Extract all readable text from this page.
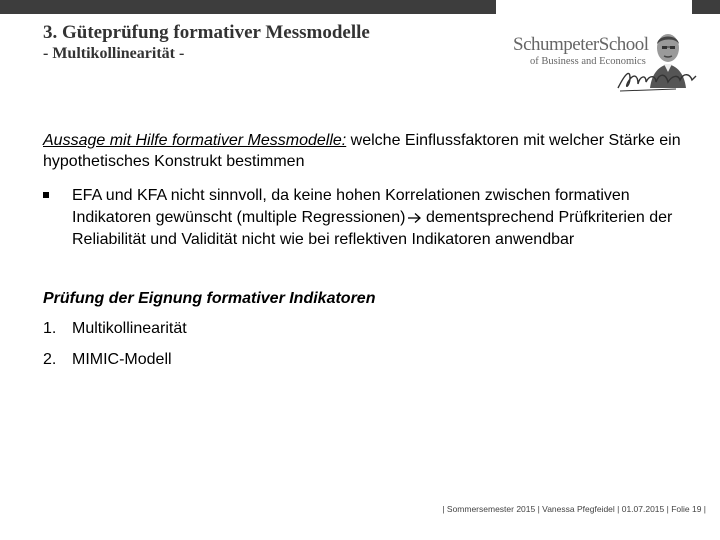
3. Güteprüfung formativer Messmodelle
- Multikollinearität -	SchumpeterSchool
of Business and Economics

Aussage mit Hilfe formativer Messmodelle: welche Einflussfaktoren mit welcher Stärke ein hypothetisches Konstrukt bestimmen

EFA und KFA nicht sinnvoll, da keine hohen Korrelationen zwischen formativen Indikatoren gewünscht (multiple Regressionen) dementsprechend Prüfkriterien der Reliabilität und Validität nicht wie bei reflektiven Indikatoren anwendbar
Prüfung der Eignung formativer Indikatoren
1. Multikollinearität
2. MIMIC-Modell
| Sommersemester 2015 | Vanessa Pfegfeidel | 01.07.2015 | Folie 19 |
